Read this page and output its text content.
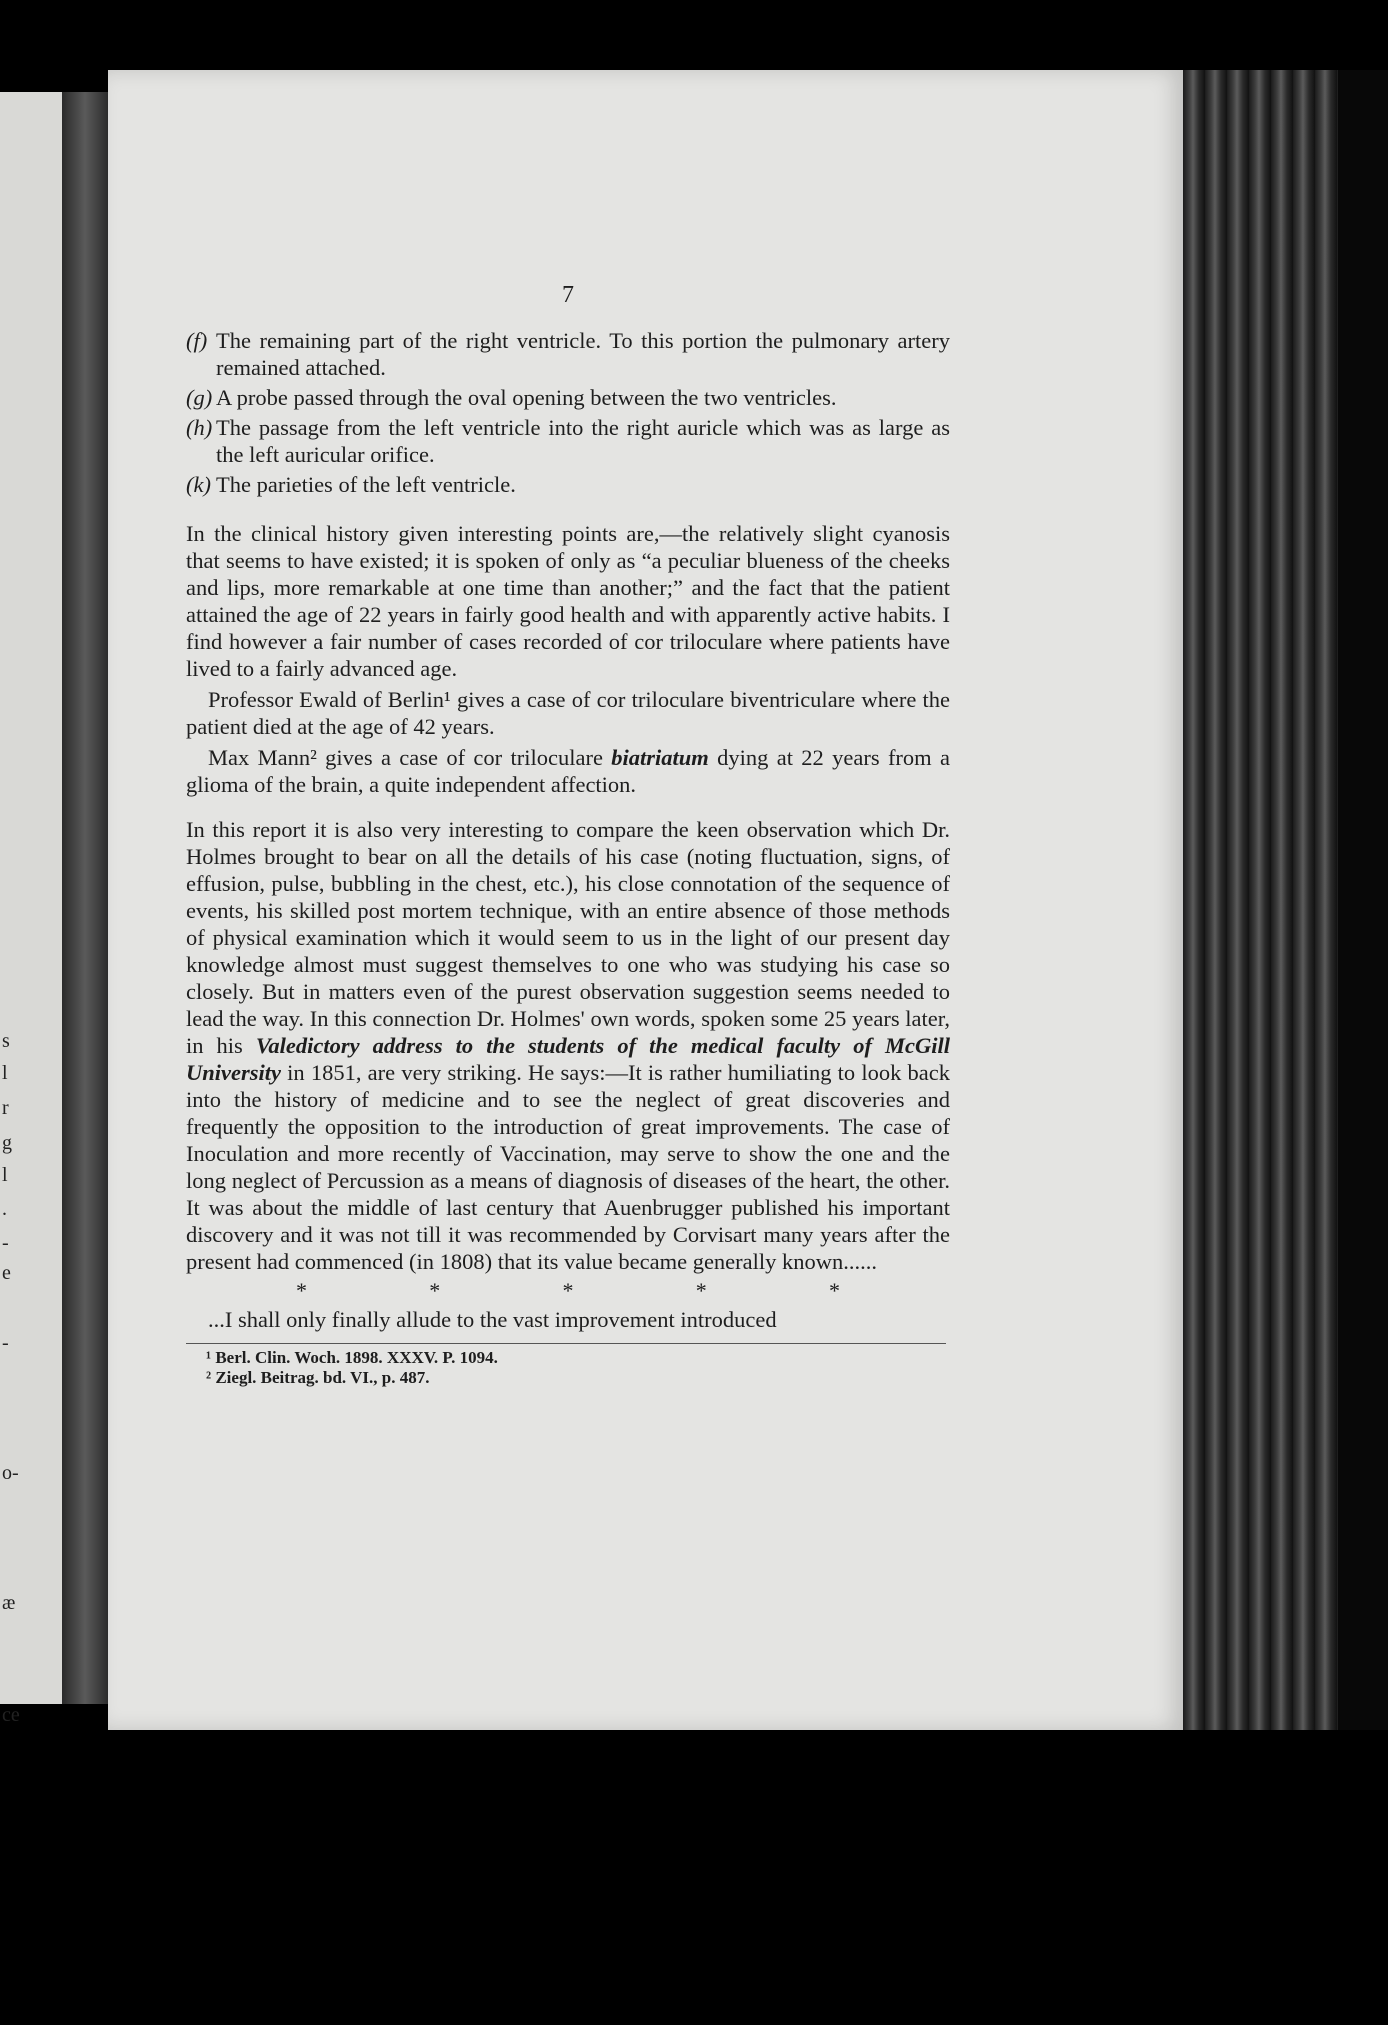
s
l
r
g
l
.
-
e
-
o-
æ
ce
7
(f) The remaining part of the right ventricle. To this portion the pulmonary artery remained attached.
(g) A probe passed through the oval opening between the two ventricles.
(h) The passage from the left ventricle into the right auricle which was as large as the left auricular orifice.
(k) The parieties of the left ventricle.

In the clinical history given interesting points are,—the relatively slight cyanosis that seems to have existed; it is spoken of only as “a peculiar blueness of the cheeks and lips, more remarkable at one time than another;” and the fact that the patient attained the age of 22 years in fairly good health and with apparently active habits. I find however a fair number of cases recorded of cor triloculare where patients have lived to a fairly advanced age.

Professor Ewald of Berlin¹ gives a case of cor triloculare biventriculare where the patient died at the age of 42 years.

Max Mann² gives a case of cor triloculare biatriatum dying at 22 years from a glioma of the brain, a quite independent affection.

In this report it is also very interesting to compare the keen observation which Dr. Holmes brought to bear on all the details of his case (noting fluctuation, signs, of effusion, pulse, bubbling in the chest, etc.), his close connotation of the sequence of events, his skilled post mortem technique, with an entire absence of those methods of physical examination which it would seem to us in the light of our present day knowledge almost must suggest themselves to one who was studying his case so closely. But in matters even of the purest observation suggestion seems needed to lead the way. In this connection Dr. Holmes' own words, spoken some 25 years later, in his Valedictory address to the students of the medical faculty of McGill University in 1851, are very striking. He says:—It is rather humiliating to look back into the history of medicine and to see the neglect of great discoveries and frequently the opposition to the introduction of great improvements. The case of Inoculation and more recently of Vaccination, may serve to show the one and the long neglect of Percussion as a means of diagnosis of diseases of the heart, the other. It was about the middle of last century that Auenbrugger published his important discovery and it was not till it was recommended by Corvisart many years after the present had commenced (in 1808) that its value became generally known......

*	*	*	*	*

...I shall only finally allude to the vast improvement introduced

¹ Berl. Clin. Woch. 1898. XXXV. P. 1094.
² Ziegl. Beitrag. bd. VI., p. 487.
